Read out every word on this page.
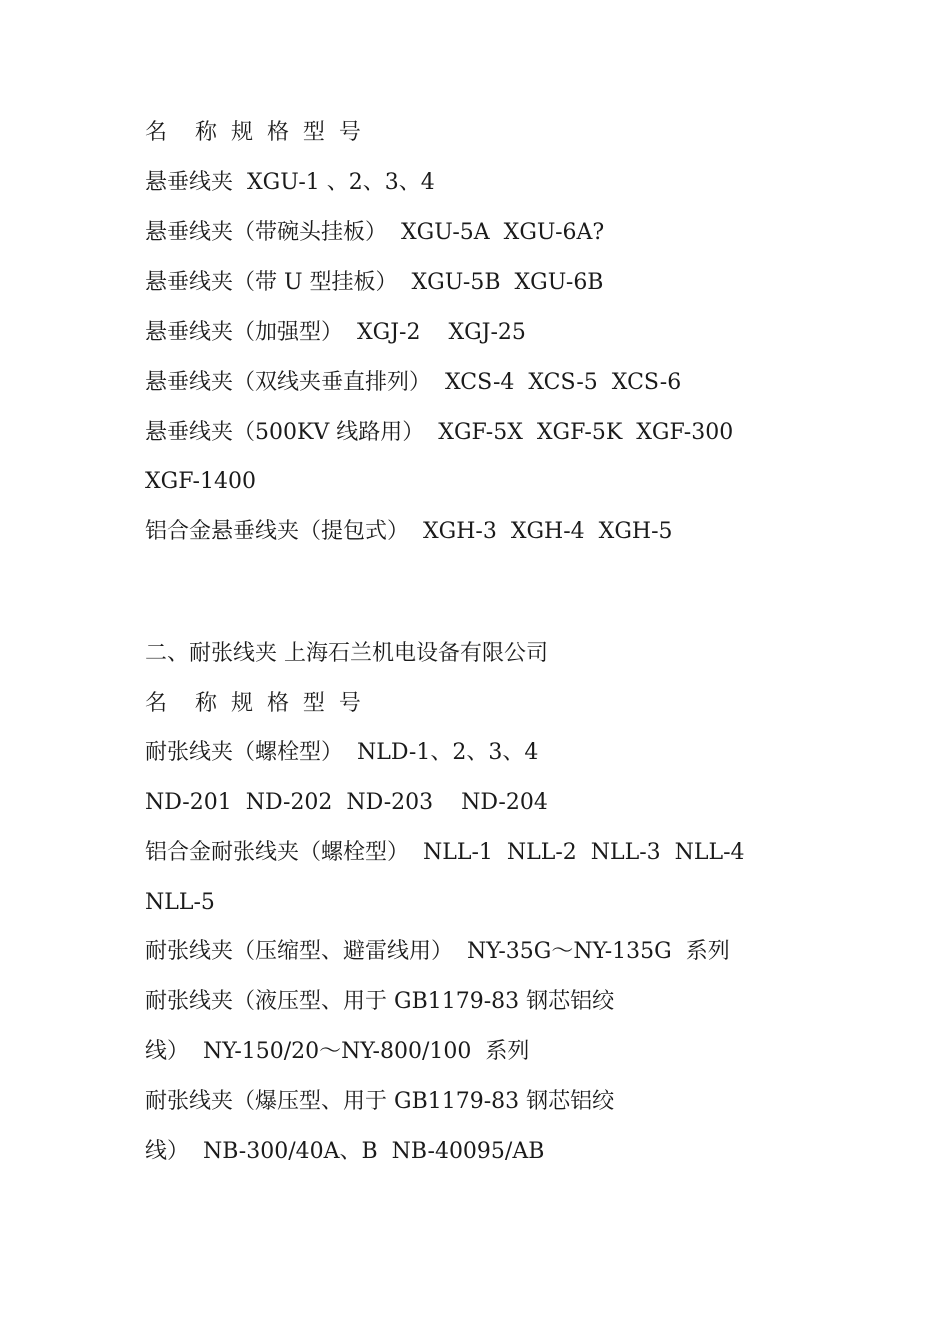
名    称  规  格  型  号
悬垂线夹  XGU-1 、2、3、4
悬垂线夹（带碗头挂板）  XGU-5A  XGU-6A?
悬垂线夹（带 U 型挂板）  XGU-5B  XGU-6B
悬垂线夹（加强型）  XGJ-2    XGJ-25
悬垂线夹（双线夹垂直排列）  XCS-4  XCS-5  XCS-6
悬垂线夹（500KV 线路用）  XGF-5X  XGF-5K  XGF-300
XGF-1400
铝合金悬垂线夹（提包式）  XGH-3  XGH-4  XGH-5
二、耐张线夹 上海石兰机电设备有限公司
名    称  规  格  型  号
耐张线夹（螺栓型）  NLD-1、2、3、4
ND-201  ND-202  ND-203    ND-204
铝合金耐张线夹（螺栓型）  NLL-1  NLL-2  NLL-3  NLL-4
NLL-5
耐张线夹（压缩型、避雷线用）  NY-35G～NY-135G  系列
耐张线夹（液压型、用于 GB1179-83 钢芯铝绞
线）  NY-150/20～NY-800/100  系列
耐张线夹（爆压型、用于 GB1179-83 钢芯铝绞
线）  NB-300/40A、B  NB-40095/AB
